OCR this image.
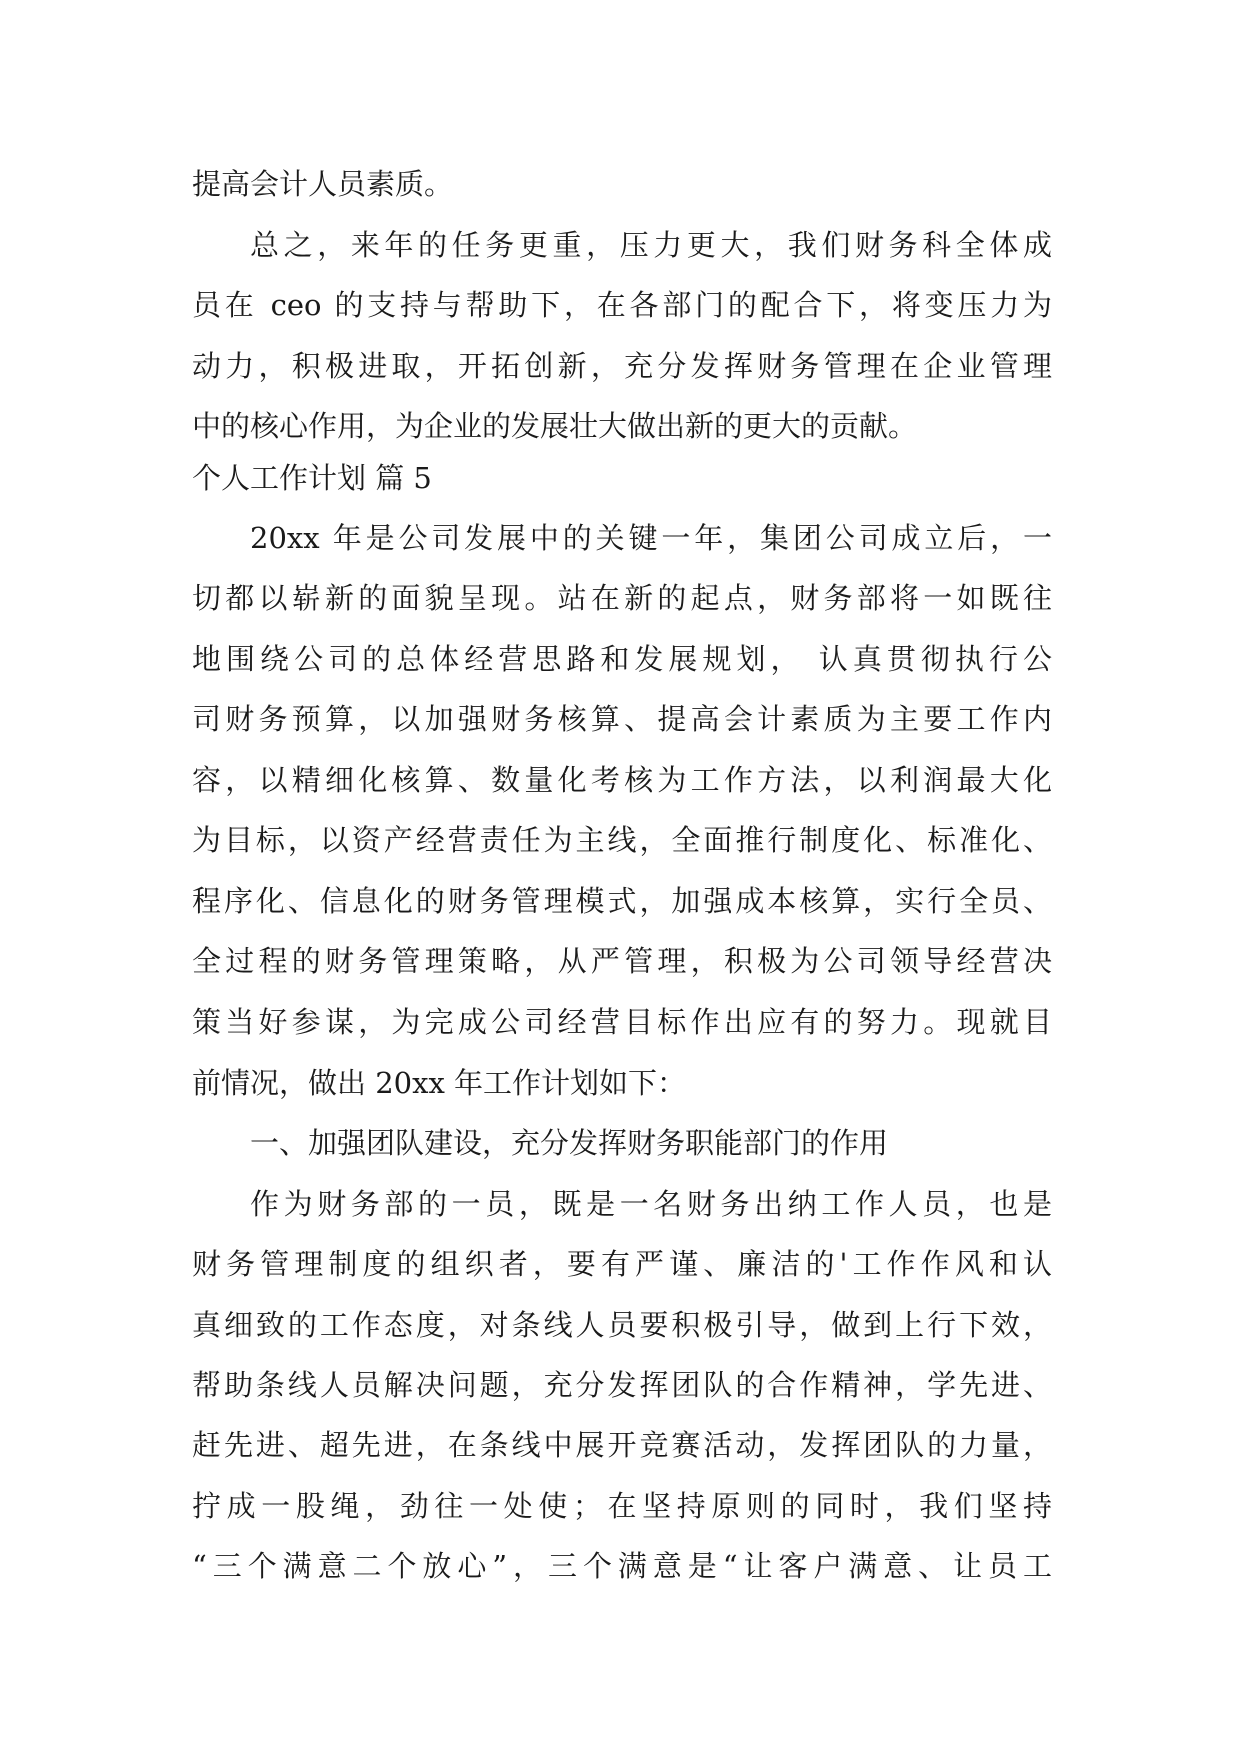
提高会计人员素质。

总之，来年的任务更重，压力更大，我们财务科全体成

员在 ceo 的支持与帮助下，在各部门的配合下，将变压力为

动力，积极进取，开拓创新，充分发挥财务管理在企业管理

中的核心作用，为企业的发展壮大做出新的更大的贡献。

个人工作计划 篇 5

20xx 年是公司发展中的关键一年，集团公司成立后，一

切都以崭新的面貌呈现。站在新的起点，财务部将一如既往

地围绕公司的总体经营思路和发展规划， 认真贯彻执行公

司财务预算，以加强财务核算、提高会计素质为主要工作内

容，以精细化核算、数量化考核为工作方法，以利润最大化

为目标，以资产经营责任为主线，全面推行制度化、标准化、

程序化、信息化的财务管理模式，加强成本核算，实行全员、

全过程的财务管理策略，从严管理，积极为公司领导经营决

策当好参谋，为完成公司经营目标作出应有的努力。现就目

前情况，做出 20xx 年工作计划如下：

一、加强团队建设，充分发挥财务职能部门的作用

作为财务部的一员，既是一名财务出纳工作人员，也是

财务管理制度的组织者，要有严谨、廉洁的'工作作风和认

真细致的工作态度，对条线人员要积极引导，做到上行下效，

帮助条线人员解决问题，充分发挥团队的合作精神，学先进、

赶先进、超先进，在条线中展开竞赛活动，发挥团队的力量，

拧成一股绳，劲往一处使；在坚持原则的同时，我们坚持

“三个满意二个放心”，三个满意是“让客户满意、让员工
